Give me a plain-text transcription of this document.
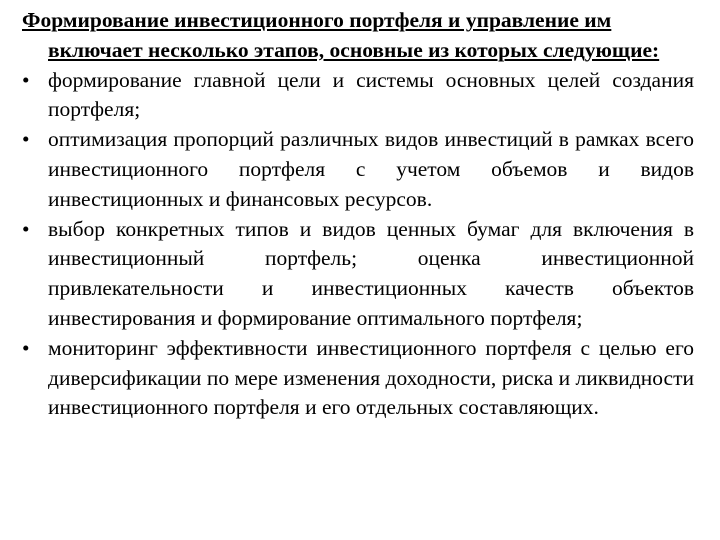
Формирование инвестиционного портфеля и управление им включает несколько этапов, основные из которых следующие:

• формирование главной цели и системы основных целей создания портфеля;
• оптимизация пропорций различных видов инвестиций в рамках всего инвестиционного портфеля с учетом объемов и видов инвестиционных и финансовых ресурсов.
• выбор конкретных типов и видов ценных бумаг для включения в инвестиционный портфель; оценка инвестиционной привлекательности и инвестиционных качеств объектов инвестирования и формирование оптимального портфеля;
• мониторинг эффективности инвестиционного портфеля с целью его диверсификации по мере изменения доходности, риска и ликвидности инвестиционного портфеля и его отдельных составляющих.
